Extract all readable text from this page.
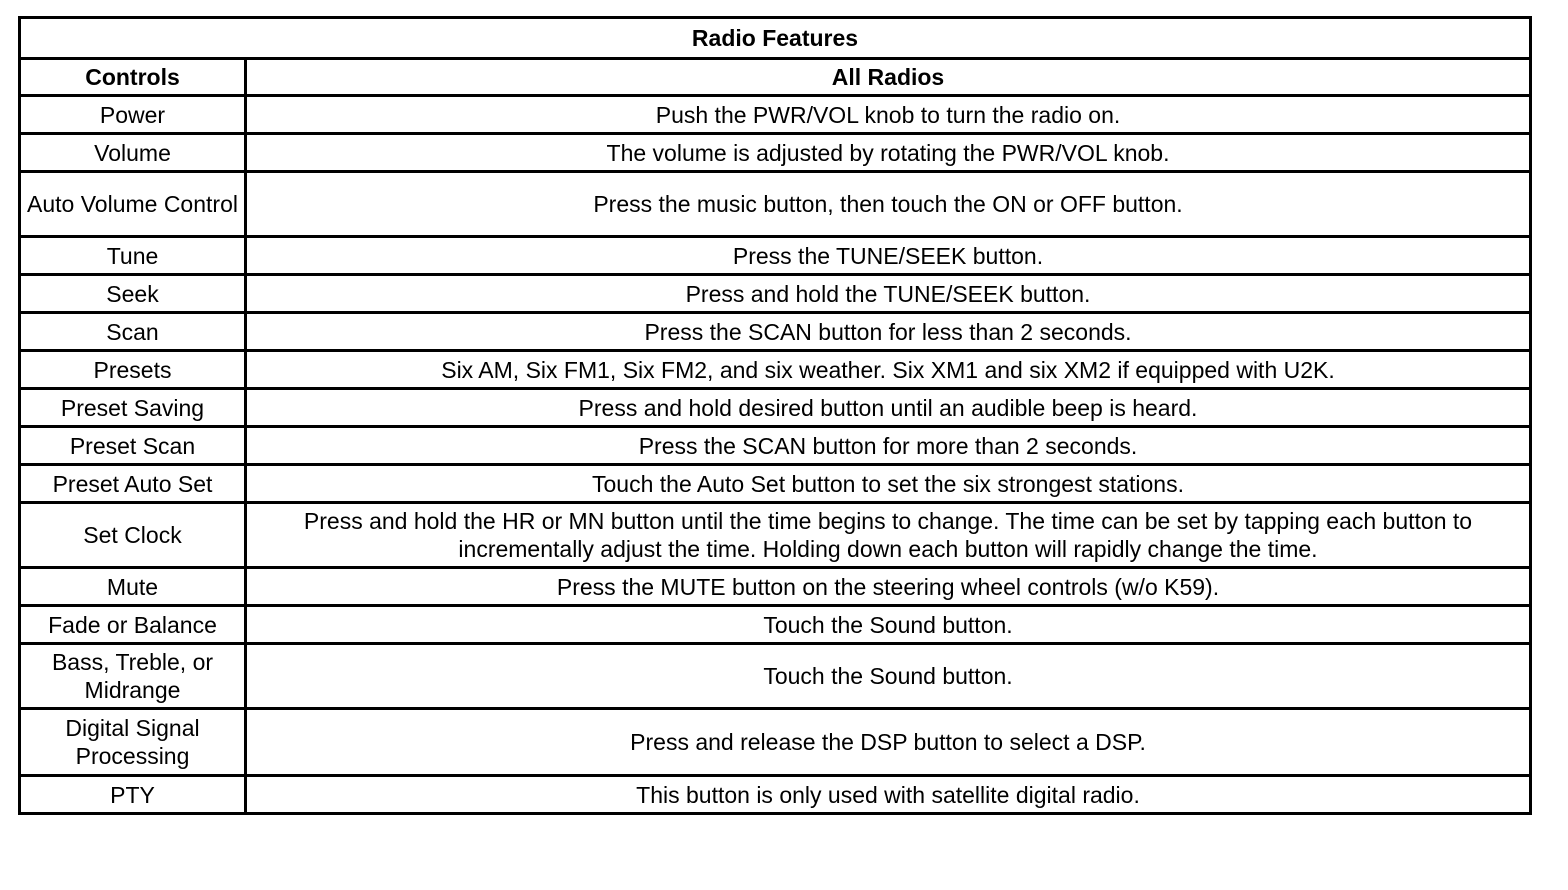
Radio Features	
Controls	All Radios
Power	Push the PWR/VOL knob to turn the radio on.
Volume	The volume is adjusted by rotating the PWR/VOL knob.
Auto Volume Control	Press the music button, then touch the ON or OFF button.
Tune	Press the TUNE/SEEK button.
Seek	Press and hold the TUNE/SEEK button.
Scan	Press the SCAN button for less than 2 seconds.
Presets	Six AM, Six FM1, Six FM2, and six weather. Six XM1 and six XM2 if equipped with U2K.
Preset Saving	Press and hold desired button until an audible beep is heard.
Preset Scan	Press the SCAN button for more than 2 seconds.
Preset Auto Set	Touch the Auto Set button to set the six strongest stations.
Set Clock	Press and hold the HR or MN button until the time begins to change. The time can be set by tapping each button to incrementally adjust the time. Holding down each button will rapidly change the time.
Mute	Press the MUTE button on the steering wheel controls (w/o K59).
Fade or Balance	Touch the Sound button.
Bass, Treble, or Midrange	Touch the Sound button.
Digital Signal Processing	Press and release the DSP button to select a DSP.
PTY	This button is only used with satellite digital radio.
